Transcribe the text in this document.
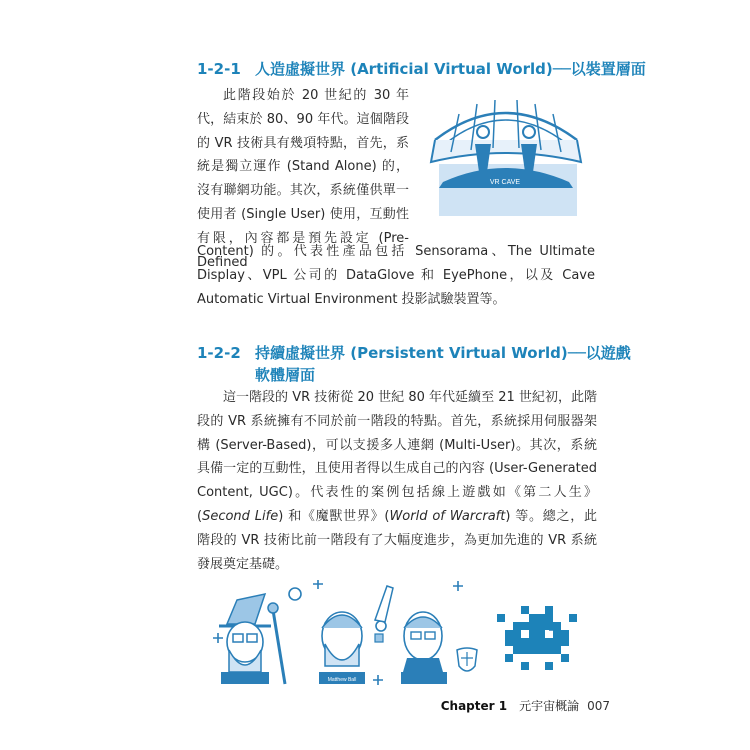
1-2-1 人造虛擬世界 (Artificial Virtual World)──以裝置層面
此階段始於 20 世紀的 30 年代，結束於 80、90 年代。這個階段的 VR 技術具有幾項特點，首先，系統是獨立運作 (Stand Alone) 的，沒有聯網功能。其次，系統僅供單一使用者 (Single User) 使用，互動性有限，內容都是預先設定 (Pre-Defined
VR CAVE
Content) 的。代表性產品包括 Sensorama、The Ultimate Display、VPL 公司的 DataGlove 和 EyePhone，以及 Cave Automatic Virtual Environment 投影試驗裝置等。
1-2-2 持續虛擬世界 (Persistent Virtual World)──以遊戲
軟體層面
這一階段的 VR 技術從 20 世紀 80 年代延續至 21 世紀初，此階段的 VR 系統擁有不同於前一階段的特點。首先，系統採用伺服器架構 (Server-Based)，可以支援多人連網 (Multi-User)。其次，系統具備一定的互動性，且使用者得以生成自己的內容 (User-Generated Content, UGC)。代表性的案例包括線上遊戲如《第二人生》(Second Life) 和《魔獸世界》(World of Warcraft) 等。總之，此階段的 VR 技術比前一階段有了大幅度進步，為更加先進的 VR 系統發展奠定基礎。
Matthew Ball
Chapter 1 元宇宙概論 007
